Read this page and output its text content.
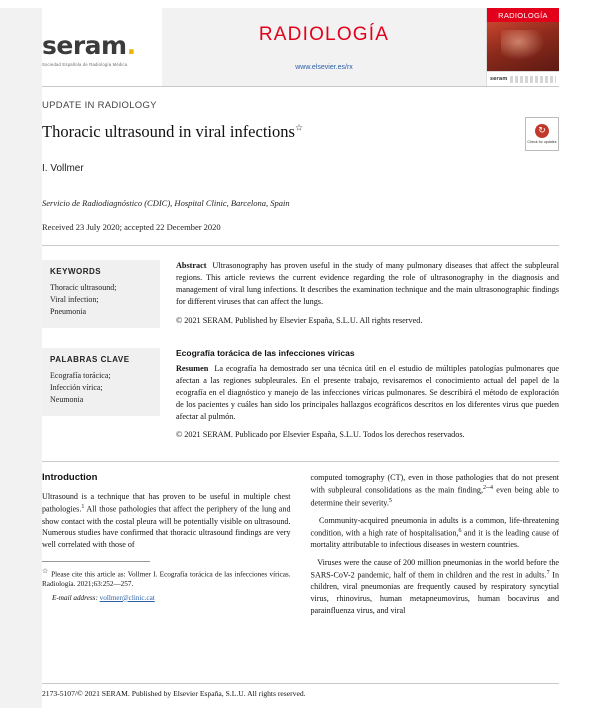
seram.
Sociedad Española de Radiología Médica
RADIOLOGÍA
www.elsevier.es/rx
RADIOLOGÍA
seram
UPDATE IN RADIOLOGY
Thoracic ultrasound in viral infections☆	↻
Check for updates
I. Vollmer
Servicio de Radiodiagnóstico (CDIC), Hospital Clinic, Barcelona, Spain
Received 23 July 2020; accepted 22 December 2020
KEYWORDS
Thoracic ultrasound;
Viral infection;
Pneumonia
Abstract Ultrasonography has proven useful in the study of many pulmonary diseases that affect the subpleural regions. This article reviews the current evidence regarding the role of ultrasonography in the diagnosis and management of viral lung infections. It describes the examination technique and the main ultrasonographic findings for different viruses that can affect the lungs.
© 2021 SERAM. Published by Elsevier España, S.L.U. All rights reserved.
PALABRAS CLAVE
Ecografía torácica;
Infección vírica;
Neumonia
Ecografía torácica de las infecciones víricas
Resumen La ecografía ha demostrado ser una técnica útil en el estudio de múltiples patologías pulmonares que afectan a las regiones subpleurales. En el presente trabajo, revisaremos el conocimiento actual del papel de la ecografía en el diagnóstico y manejo de las infecciones víricas pulmonares. Se describirá el método de exploración de los pacientes y cuáles han sido los principales hallazgos ecográficos descritos en los diferentes virus que pueden afectar al pulmón.
© 2021 SERAM. Publicado por Elsevier España, S.L.U. Todos los derechos reservados.
Introduction

Ultrasound is a technique that has proven to be useful in multiple chest pathologies.$^1$ All those pathologies that affect the periphery of the lung and show contact with the costal pleura will be potentially visible on ultrasound. Numerous studies have confirmed that thoracic ultrasound findings are very well correlated with those of

☆ Please cite this article as: Vollmer I. Ecografía torácica de las infecciones víricas. Radiología. 2021;63:252—257.
E-mail address: vollmer@clinic.cat

computed tomography (CT), even in those pathologies that do not present with subpleural consolidations as the main finding,$^{2--4}$ even being able to determine their severity.$^5$

Community-acquired pneumonia in adults is a common, life-threatening condition, with a high rate of hospitalisation,$^6$ and it is the leading cause of mortality attributable to infectious diseases in western countries.

Viruses were the cause of 200 million pneumonias in the world before the SARS-CoV-2 pandemic, half of them in children and the rest in adults.$^7$ In children, viral pneumonias are frequently caused by respiratory syncytial virus, rhinovirus, human metapneumovirus, human bocavirus and parainfluenza virus, and viral

2173-5107/© 2021 SERAM. Published by Elsevier España, S.L.U. All rights reserved.
